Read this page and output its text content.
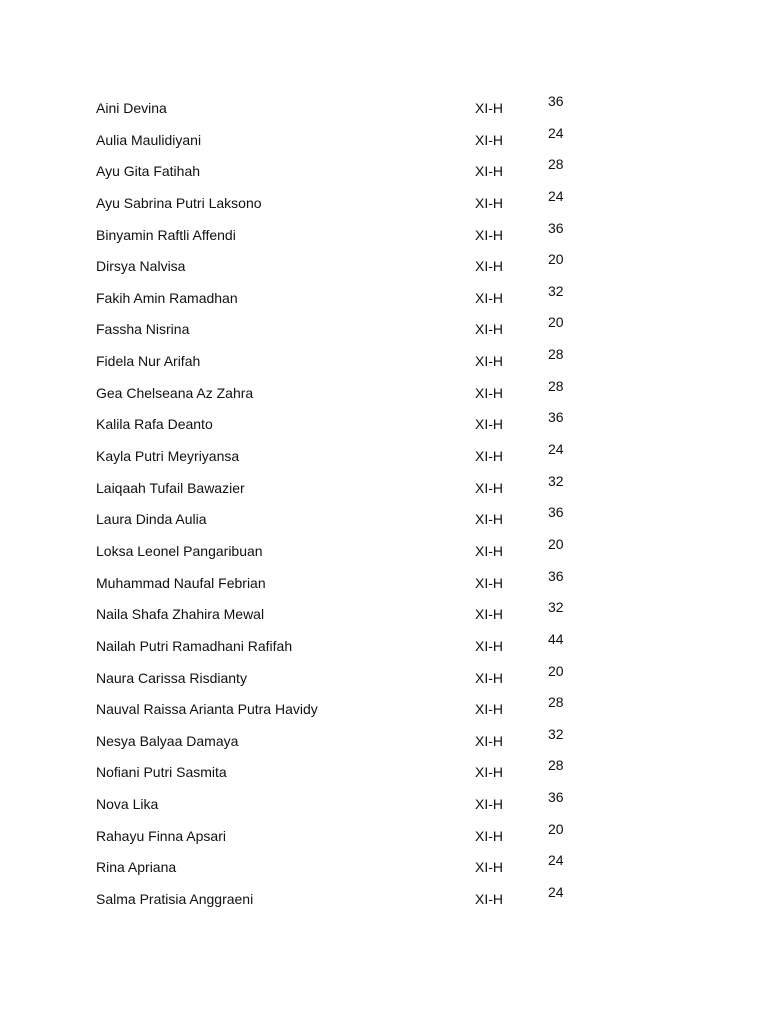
Aini Devina	XI-H	36
Aulia Maulidiyani	XI-H	24
Ayu Gita Fatihah	XI-H	28
Ayu Sabrina Putri Laksono	XI-H	24
Binyamin Raftli Affendi	XI-H	36
Dirsya Nalvisa	XI-H	20
Fakih Amin Ramadhan	XI-H	32
Fassha Nisrina	XI-H	20
Fidela Nur Arifah	XI-H	28
Gea Chelseana Az Zahra	XI-H	28
Kalila Rafa Deanto	XI-H	36
Kayla Putri Meyriyansa	XI-H	24
Laiqaah Tufail Bawazier	XI-H	32
Laura Dinda Aulia	XI-H	36
Loksa Leonel Pangaribuan	XI-H	20
Muhammad Naufal Febrian	XI-H	36
Naila Shafa Zhahira Mewal	XI-H	32
Nailah Putri Ramadhani Rafifah	XI-H	44
Naura Carissa Risdianty	XI-H	20
Nauval Raissa Arianta Putra Havidy	XI-H	28
Nesya Balyaa Damaya	XI-H	32
Nofiani Putri Sasmita	XI-H	28
Nova Lika	XI-H	36
Rahayu Finna Apsari	XI-H	20
Rina Apriana	XI-H	24
Salma Pratisia Anggraeni	XI-H	24
